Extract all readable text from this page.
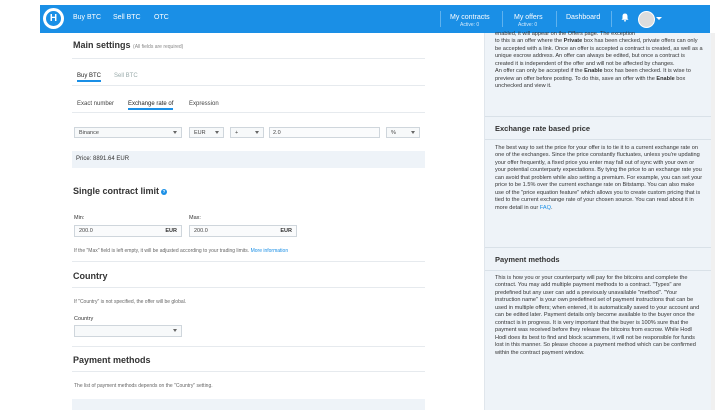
H	Buy BTC Sell BTC OTC	My contracts
Active: 0
My offers
Active: 0
Dashboard
Main settings (All fields are required)
Buy BTC Sell BTC
Exact number Exchange rate of	Expression
Binance	EUR	+	2.0	%
Price: 8891.64 EUR
Single contract limit ?
Min:	Max:
200.0	EUR	200.0	EUR
If the "Max" field is left empty, it will be adjusted according to your trading limits. More information
Country
If "Country" is not specified, the offer will be global.
Country
Payment methods
The list of payment methods depends on the "Country" setting.

enabled, it will appear on the Offers page. The exception

to this is an offer where the Private box has been checked, private offers can only be accepted with a link. Once an offer is accepted a contract is created, as well as a unique escrow address. An offer can always be edited, but once a contract is created it is independent of the offer and will not be affected by changes.

An offer can only be accepted if the Enable box has been checked. It is wise to preview an offer before posting. To do this, save an offer with the Enable box unchecked and view it.

Exchange rate based price

The best way to set the price for your offer is to tie it to a current exchange rate on one of the exchanges. Since the price constantly fluctuates, unless you're updating your offer frequently, a fixed price you enter may fall out of sync with your own or your potential counterparty expectations. By tying the price to an exchange rate you can avoid that problem while also setting a premium. For example, you can set your price to be 1.5% over the current exchange rate on Bitstamp. You can also make use of the "price equation feature" which allows you to create custom pricing that is tied to the current exchange rate of your chosen source. You can read about it in more detail in our FAQ.

Payment methods

This is how you or your counterparty will pay for the bitcoins and complete the contract. You may add multiple payment methods to a contract. "Types" are predefined but any user can add a previously unavailable "method". "Your instruction name" is your own predefined set of payment instructions that can be used in multiple offers; when entered, it is automatically saved to your account and can be edited later. Payment details only become available to the buyer once the contract is in progress. It is very important that the buyer is 100% sure that the payment was received before they release the bitcoins from escrow. While Hodl Hodl does its best to find and block scammers, it will not be responsible for funds lost in this manner. So please choose a payment method which can be confirmed within the contract payment window.
